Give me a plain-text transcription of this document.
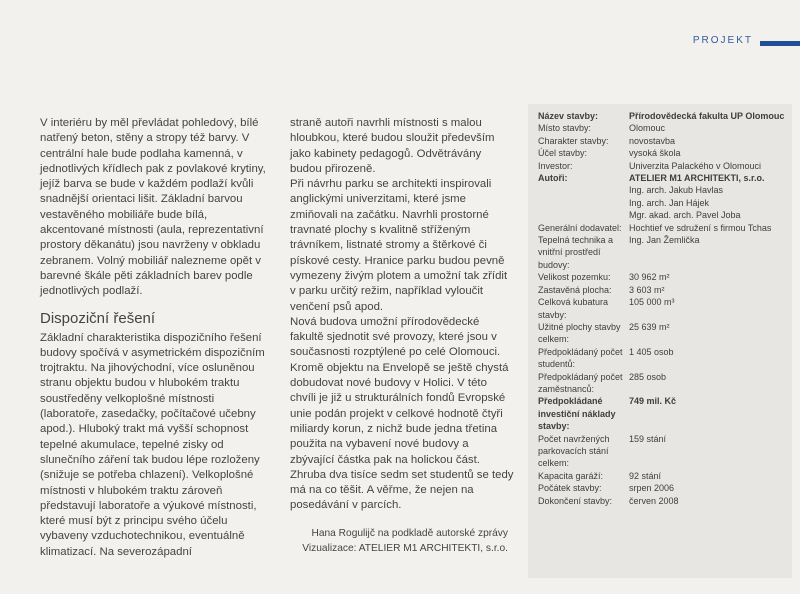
PROJEKT

V interiéru by měl převládat pohledový, bílé natřený beton, stěny a stropy též barvy. V centrální hale bude podlaha kamenná, v jednotlivých křídlech pak z povlakové krytiny, jejíž barva se bude v každém podlaží kvůli snadnější orientaci lišit. Základní barvou vestavěného mobiliáře bude bílá, akcentované místnosti (aula, reprezentativní prostory děkanátu) jsou navrženy v obkladu zebranem. Volný mobiliář nalezneme opět v barevné škále pěti základních barev podle jednotlivých podlaží.

Dispoziční řešení

Základní charakteristika dispozičního řešení budovy spočívá v asymetrickém dispozičním trojtraktu. Na jihovýchodní, více osluněnou stranu objektu budou v hlubokém traktu soustředěny velkoplošné místnosti (laboratoře, zasedačky, počítačové učebny apod.). Hluboký trakt má vyšší schopnost tepelné akumulace, tepelné zisky od slunečního záření tak budou lépe rozloženy (snižuje se potřeba chlazení). Velkoplošné místnosti v hlubokém traktu zároveň představují laboratoře a výukové místnosti, které musí být z principu svého účelu vybaveny vzduchotechnikou, eventuálně klimatizací. Na severozápadní

straně autoři navrhli místnosti s malou hloubkou, které budou sloužit především jako kabinety pedagogů. Odvětrávány budou přirozeně.

Při návrhu parku se architekti inspirovali anglickými univerzitami, které jsme zmiňovali na začátku. Navrhli prostorné travnaté plochy s kvalitně stříženým trávníkem, listnaté stromy a štěrkové či pískové cesty. Hranice parku budou pevně vymezeny živým plotem a umožní tak zřídit v parku určitý režim, například vyloučit venčení psů apod.

Nová budova umožní přírodovědecké fakultě sjednotit své provozy, které jsou v současnosti rozptýlené po celé Olomouci. Kromě objektu na Envelopě se ještě chystá dobudovat nové budovy v Holici. V této chvíli je již u strukturálních fondů Evropské unie podán projekt v celkové hodnotě čtyři miliardy korun, z nichž bude jedna třetina použita na vybavení nové budovy a zbývající částka pak na holickou část. Zhruba dva tisíce sedm set studentů se tedy má na co těšit. A věřme, že nejen na posedávání v parcích.

Hana Rogulijč na podkladě autorské zprávy
Vizualizace: ATELIER M1 ARCHITEKTI, s.r.o.
Název stavby:	Přírodovědecká fakulta UP Olomouc
Místo stavby:	Olomouc
Charakter stavby:	novostavba
Účel stavby:	vysoká škola
Investor:	Univerzita Palackého v Olomouci
Autoři:	ATELIER M1 ARCHITEKTI, s.r.o.
Ing. arch. Jakub Havlas
Ing. arch. Jan Hájek
Mgr. akad. arch. Pavel Joba
Generální dodavatel: Hochtief ve sdružení s firmou Tchas
Tepelná technika a vnitřní prostředí budovy:
Ing. Jan Žemlička
Velikost pozemku:	30 962 m²
Zastavěná plocha:	3 603 m²
Celková kubatura stavby:
105 000 m³
Užitné plochy stavby celkem:
25 639 m²
Předpokládaný počet studentů:
1 405 osob
Předpokládaný počet zaměstnanců:
285 osob
Předpokládané investiční náklady stavby:
749 mil. Kč
Počet navržených parkovacích stání celkem:
159 stání
Kapacita garáží:	92 stání
Počátek stavby:	srpen 2006
Dokončení stavby:	červen 2008
